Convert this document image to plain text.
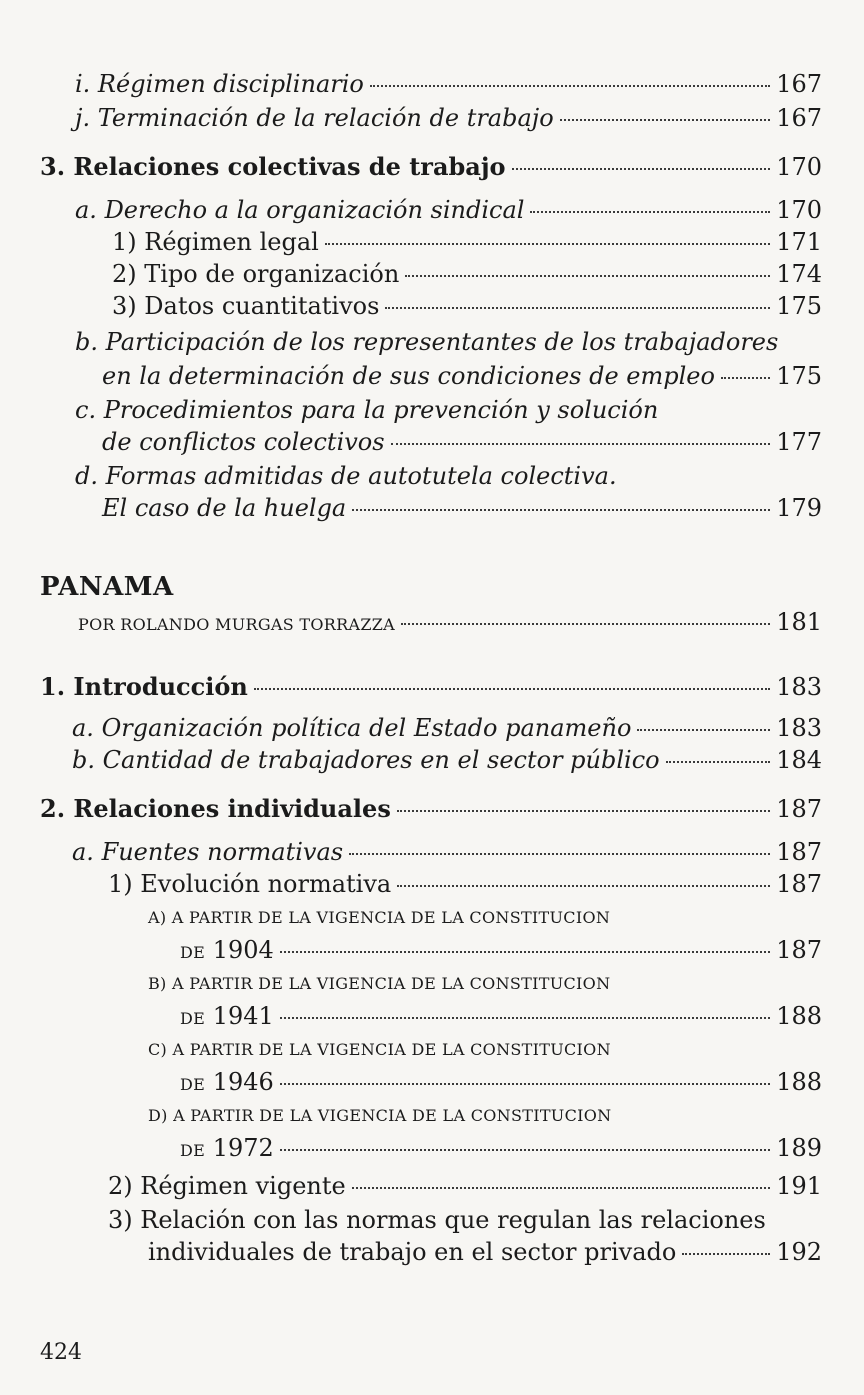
i. Régimen disciplinario	167
j. Terminación de la relación de trabajo	167
3. Relaciones colectivas de trabajo	170
a. Derecho a la organización sindical	170
1) Régimen legal	171
2) Tipo de organización	174
3) Datos cuantitativos	175
b. Participación de los representantes de los trabajadores
en la determinación de sus condiciones de empleo	175
c. Procedimientos para la prevención y solución
de conflictos colectivos	177
d. Formas admitidas de autotutela colectiva.
El caso de la huelga	179
PANAMA
POR ROLANDO MURGAS TORRAZZA	181
1. Introducción	183
a. Organización política del Estado panameño	183
b. Cantidad de trabajadores en el sector público	184
2. Relaciones individuales	187
a. Fuentes normativas	187
1) Evolución normativa	187
A) A PARTIR DE LA VIGENCIA DE LA CONSTITUCION
DE 1904	187
B) A PARTIR DE LA VIGENCIA DE LA CONSTITUCION
DE 1941	188
C) A PARTIR DE LA VIGENCIA DE LA CONSTITUCION
DE 1946	188
D) A PARTIR DE LA VIGENCIA DE LA CONSTITUCION
DE 1972	189
2) Régimen vigente	191
3) Relación con las normas que regulan las relaciones
individuales de trabajo en el sector privado	192
424
